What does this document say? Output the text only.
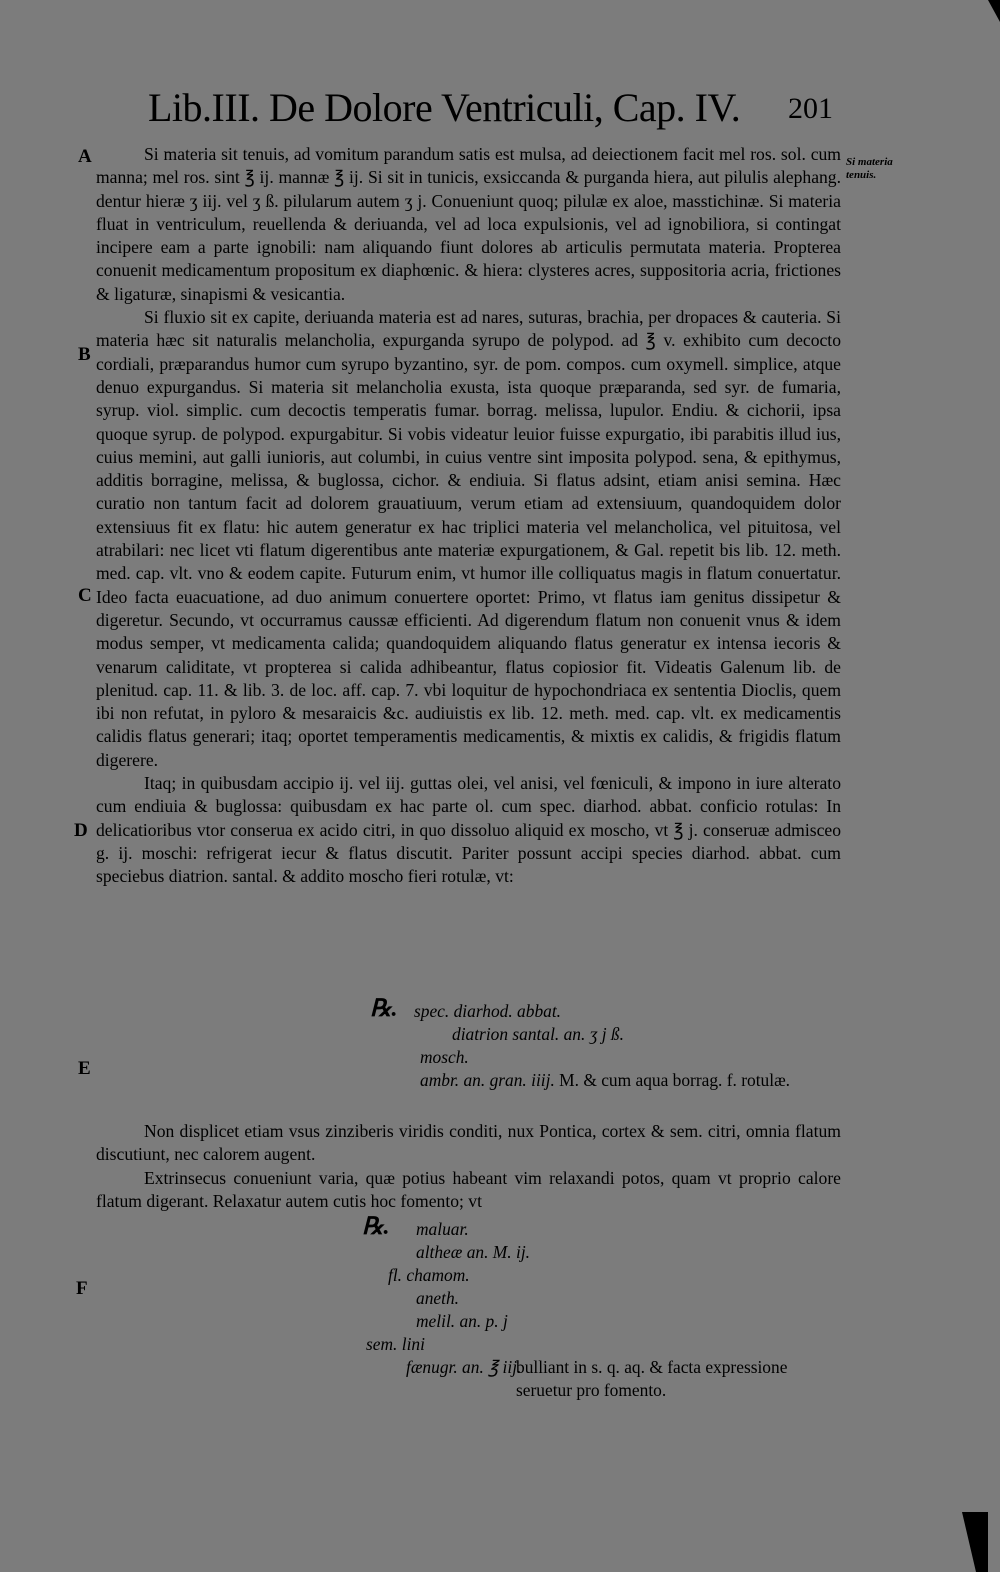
Lib.III. De Dolore Ventriculi, Cap. IV. 201
A
B
C
D
E
F
Si materia tenuis.

Si materia sit tenuis, ad vomitum parandum satis est mulsa, ad deiectionem facit mel ros. sol. cum manna; mel ros. sint ℥ ij. mannæ ℥ ij. Si sit in tunicis, exsiccanda & purganda hiera, aut pilulis alephang. dentur hieræ ʒ iij. vel ʒ ß. pilularum autem ʒ j. Conueniunt quoq; pilulæ ex aloe, masstichinæ. Si materia fluat in ventriculum, reuellenda & deriuanda, vel ad loca expulsionis, vel ad ignobiliora, si contingat incipere eam a parte ignobili: nam aliquando fiunt dolores ab articulis permutata materia. Propterea conuenit medicamentum propositum ex diaphœnic. & hiera: clysteres acres, suppositoria acria, frictiones & ligaturæ, sinapismi & vesicantia.

Si fluxio sit ex capite, deriuanda materia est ad nares, suturas, brachia, per dropaces & cauteria. Si materia hæc sit naturalis melancholia, expurganda syrupo de polypod. ad ℥ v. exhibito cum decocto cordiali, præparandus humor cum syrupo byzantino, syr. de pom. compos. cum oxymell. simplice, atque denuo expurgandus. Si materia sit melancholia exusta, ista quoque præparanda, sed syr. de fumaria, syrup. viol. simplic. cum decoctis temperatis fumar. borrag. melissa, lupulor. Endiu. & cichorii, ipsa quoque syrup. de polypod. expurgabitur. Si vobis videatur leuior fuisse expurgatio, ibi parabitis illud ius, cuius memini, aut galli iunioris, aut columbi, in cuius ventre sint imposita polypod. sena, & epithymus, additis borragine, melissa, & buglossa, cichor. & endiuia. Si flatus adsint, etiam anisi semina. Hæc curatio non tantum facit ad dolorem grauatiuum, verum etiam ad extensiuum, quandoquidem dolor extensiuus fit ex flatu: hic autem generatur ex hac triplici materia vel melancholica, vel pituitosa, vel atrabilari: nec licet vti flatum digerentibus ante materiæ expurgationem, & Gal. repetit bis lib. 12. meth. med. cap. vlt. vno & eodem capite. Futurum enim, vt humor ille colliquatus magis in flatum conuertatur. Ideo facta euacuatione, ad duo animum conuertere oportet: Primo, vt flatus iam genitus dissipetur & digeretur. Secundo, vt occurramus caussæ efficienti. Ad digerendum flatum non conuenit vnus & idem modus semper, vt medicamenta calida; quandoquidem aliquando flatus generatur ex intensa iecoris & venarum caliditate, vt propterea si calida adhibeantur, flatus copiosior fit. Videatis Galenum lib. de plenitud. cap. 11. & lib. 3. de loc. aff. cap. 7. vbi loquitur de hypochondriaca ex sententia Dioclis, quem ibi non refutat, in pyloro & mesaraicis &c. audiuistis ex lib. 12. meth. med. cap. vlt. ex medicamentis calidis flatus generari; itaq; oportet temperamentis medicamentis, & mixtis ex calidis, & frigidis flatum digerere.

Itaq; in quibusdam accipio ij. vel iij. guttas olei, vel anisi, vel fœniculi, & impono in iure alterato cum endiuia & buglossa: quibusdam ex hac parte ol. cum spec. diarhod. abbat. conficio rotulas: In delicatioribus vtor conserua ex acido citri, in quo dissoluo aliquid ex moscho, vt ℥ j. conseruæ admisceo g. ij. moschi: refrigerat iecur & flatus discutit. Pariter possunt accipi species diarhod. abbat. cum speciebus diatrion. santal. & addito moscho fieri rotulæ, vt:

℞. spec. diarhod. abbat.
diatrion santal. an. ʒ j ß.
mosch.
ambr. an. gran. iiij. M. & cum aqua borrag. f. rotulæ.

Non displicet etiam vsus zinziberis viridis conditi, nux Pontica, cortex & sem. citri, omnia flatum discutiunt, nec calorem augent.

Extrinsecus conueniunt varia, quæ potius habeant vim relaxandi potos, quam vt proprio calore flatum digerant. Relaxatur autem cutis hoc fomento; vt

℞. maluar.
altheæ an. M. ij.
fl. chamom.
aneth.
melil. an. p. j
sem. lini
fænugr. an. ℥ iij.
bulliant in s. q. aq. & facta expressione seruetur pro fomento.
